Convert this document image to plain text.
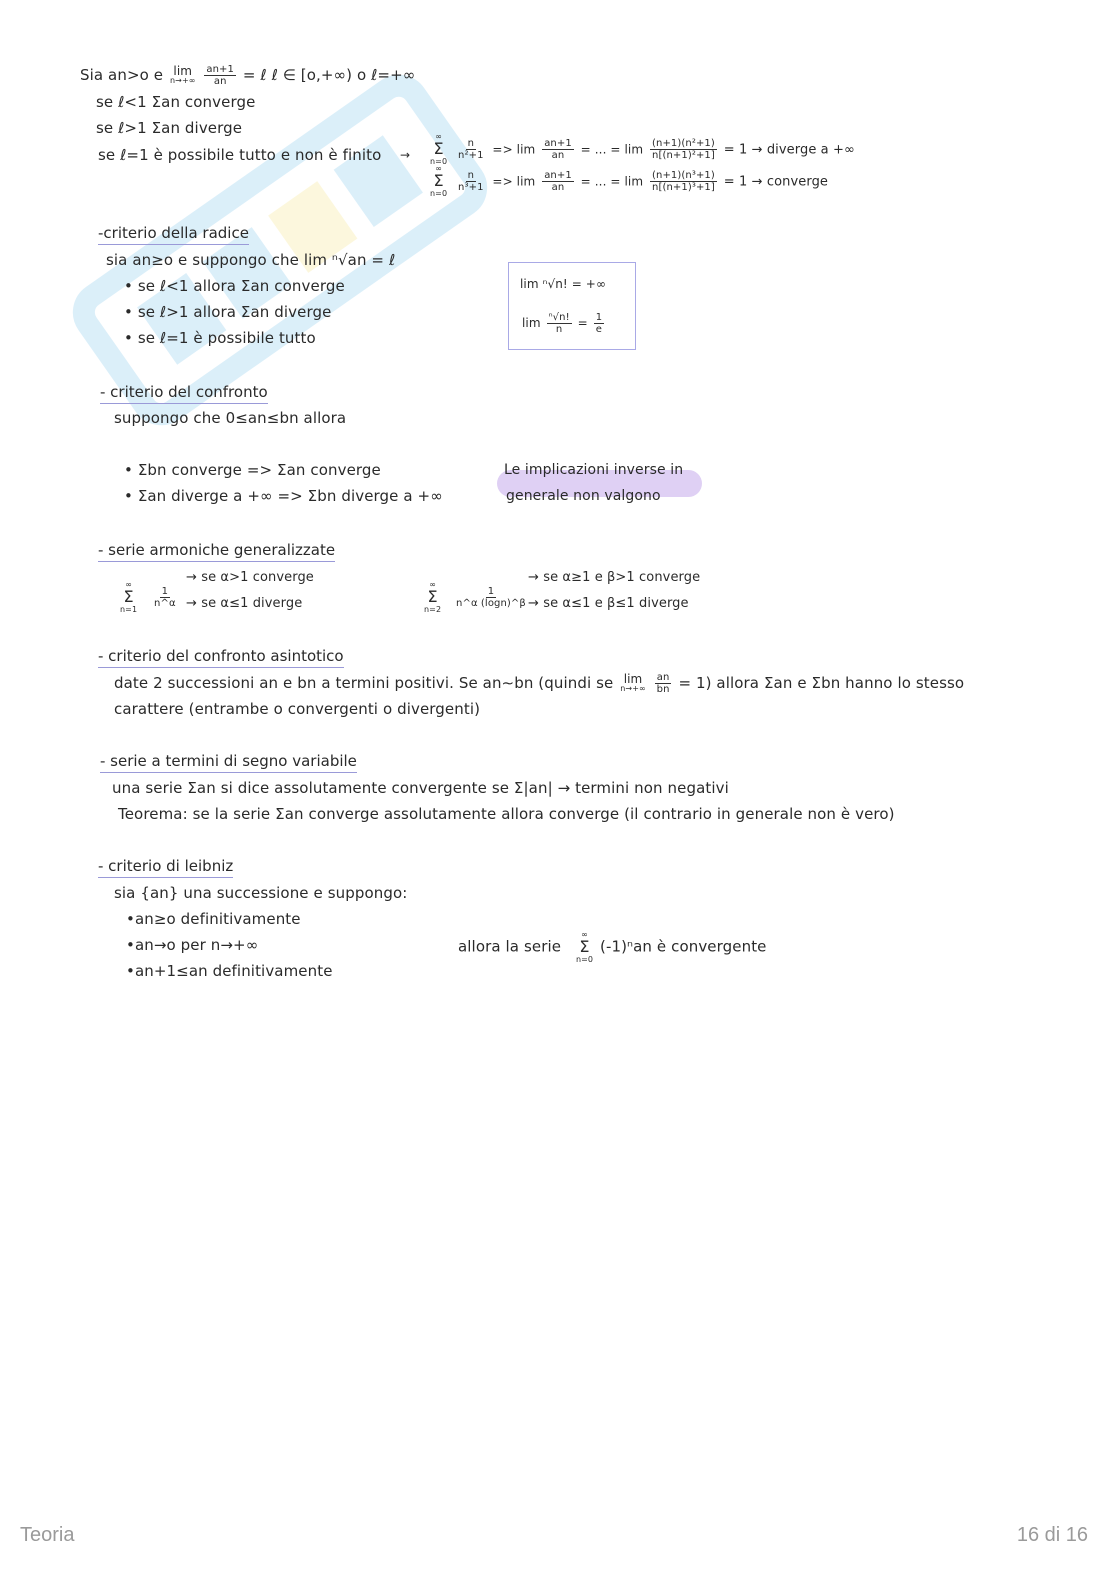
Sia an>o e lim
n→+∞
$\frac{an+1}{an}$ = ℓ ℓ ∈ [o,+∞) o ℓ=+∞
se ℓ<1 Σan converge
se ℓ>1 Σan diverge
se ℓ=1 è possibile tutto e non è finito →
∞
Σ
n=0

$\frac{n}{\text{n²+1}} => \lim \frac{an+1}{an}$ = ... = $\lim \frac{\text{(n+1)(n²+1)}}{\text{n[(n+1)²+1]}} = 1$ → diverge a +∞
∞
Σ
n=0

$\frac{n}{\text{n³+1}} => \lim \frac{an+1}{an}$ = ... = $\lim \frac{\text{(n+1)(n³+1)}}{\text{n[(n+1)³+1]}} = 1$ → converge
-criterio della radice
sia an≥o e suppongo che lim ⁿ√an = ℓ
• se ℓ<1 allora Σan converge
• se ℓ>1 allora Σan diverge
• se ℓ=1 è possibile tutto
lim ⁿ√n! = +∞
$\lim \frac{\text{ⁿ√n!}}{n} = \frac{1}{e}$
- criterio del confronto
suppongo che 0≤an≤bn allora
• Σbn converge => Σan converge
• Σan diverge a +∞ => Σbn diverge a +∞
Le implicazioni inverse in
generale non valgono
- serie armoniche generalizzate
∞
Σ
n=1

$\frac{1}{n\^{}\alpha}$
→ se α>1 converge
→ se α≤1 diverge
∞
Σ
n=2

$\frac{1}{n\^{}\alpha (\log n)\^{}\beta}$
→ se α≥1 e β>1 converge
→ se α≤1 e β≤1 diverge
- criterio del confronto asintotico
date 2 successioni an e bn a termini positivi. Se an∼bn (quindi se lim
n→+∞
$\frac{an}{bn} = 1$) allora Σan e Σbn hanno lo stesso
carattere (entrambe o convergenti o divergenti)
- serie a termini di segno variabile
una serie Σan si dice assolutamente convergente se Σ|an| → termini non negativi
Teorema: se la serie Σan converge assolutamente allora converge (il contrario in generale non è vero)
- criterio di leibniz
sia {an} una successione e suppongo:
•an≥o definitivamente
•an→o per n→+∞
•an+1≤an definitivamente
allora la serie
∞
Σ
n=0
(-1)ⁿan è convergente
Teoria	16 di 16
